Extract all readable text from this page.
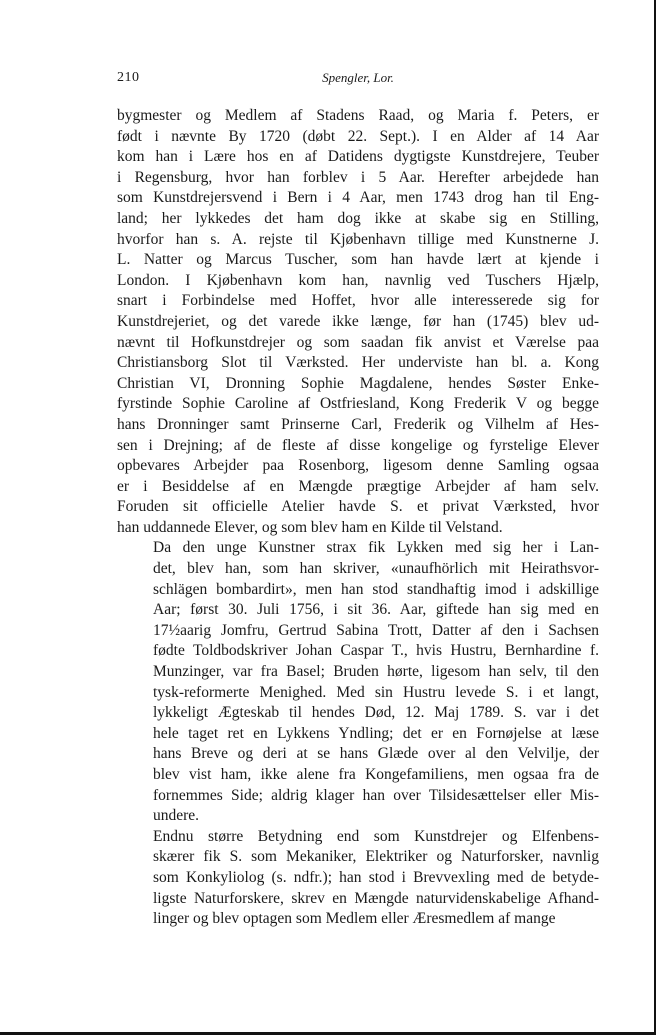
210	Spengler, Lor.
bygmester og Medlem af Stadens Raad, og Maria f. Peters, er
født i nævnte By 1720 (døbt 22. Sept.). I en Alder af 14 Aar
kom han i Lære hos en af Datidens dygtigste Kunstdrejere, Teuber
i Regensburg, hvor han forblev i 5 Aar. Herefter arbejdede han
som Kunstdrejersvend i Bern i 4 Aar, men 1743 drog han til Eng-
land; her lykkedes det ham dog ikke at skabe sig en Stilling,
hvorfor han s. A. rejste til Kjøbenhavn tillige med Kunstnerne J.
L. Natter og Marcus Tuscher, som han havde lært at kjende i
London. I Kjøbenhavn kom han, navnlig ved Tuschers Hjælp,
snart i Forbindelse med Hoffet, hvor alle interesserede sig for
Kunstdrejeriet, og det varede ikke længe, før han (1745) blev ud-
nævnt til Hofkunstdrejer og som saadan fik anvist et Værelse paa
Christiansborg Slot til Værksted. Her underviste han bl. a. Kong
Christian VI, Dronning Sophie Magdalene, hendes Søster Enke-
fyrstinde Sophie Caroline af Ostfriesland, Kong Frederik V og begge
hans Dronninger samt Prinserne Carl, Frederik og Vilhelm af Hes-
sen i Drejning; af de fleste af disse kongelige og fyrstelige Elever
opbevares Arbejder paa Rosenborg, ligesom denne Samling ogsaa
er i Besiddelse af en Mængde prægtige Arbejder af ham selv.
Foruden sit officielle Atelier havde S. et privat Værksted, hvor
han uddannede Elever, og som blev ham en Kilde til Velstand.
Da den unge Kunstner strax fik Lykken med sig her i Lan-
det, blev han, som han skriver, «unaufhörlich mit Heirathsvor-
schlägen bombardirt», men han stod standhaftig imod i adskillige
Aar; først 30. Juli 1756, i sit 36. Aar, giftede han sig med en
17½aarig Jomfru, Gertrud Sabina Trott, Datter af den i Sachsen
fødte Toldbodskriver Johan Caspar T., hvis Hustru, Bernhardine f.
Munzinger, var fra Basel; Bruden hørte, ligesom han selv, til den
tysk-reformerte Menighed. Med sin Hustru levede S. i et langt,
lykkeligt Ægteskab til hendes Død, 12. Maj 1789. S. var i det
hele taget ret en Lykkens Yndling; det er en Fornøjelse at læse
hans Breve og deri at se hans Glæde over al den Velvilje, der
blev vist ham, ikke alene fra Kongefamiliens, men ogsaa fra de
fornemmes Side; aldrig klager han over Tilsidesættelser eller Mis-
undere.
Endnu større Betydning end som Kunstdrejer og Elfenbens-
skærer fik S. som Mekaniker, Elektriker og Naturforsker, navnlig
som Konkyliolog (s. ndfr.); han stod i Brevvexling med de betyde-
ligste Naturforskere, skrev en Mængde naturvidenskabelige Afhand-
linger og blev optagen som Medlem eller Æresmedlem af mange
